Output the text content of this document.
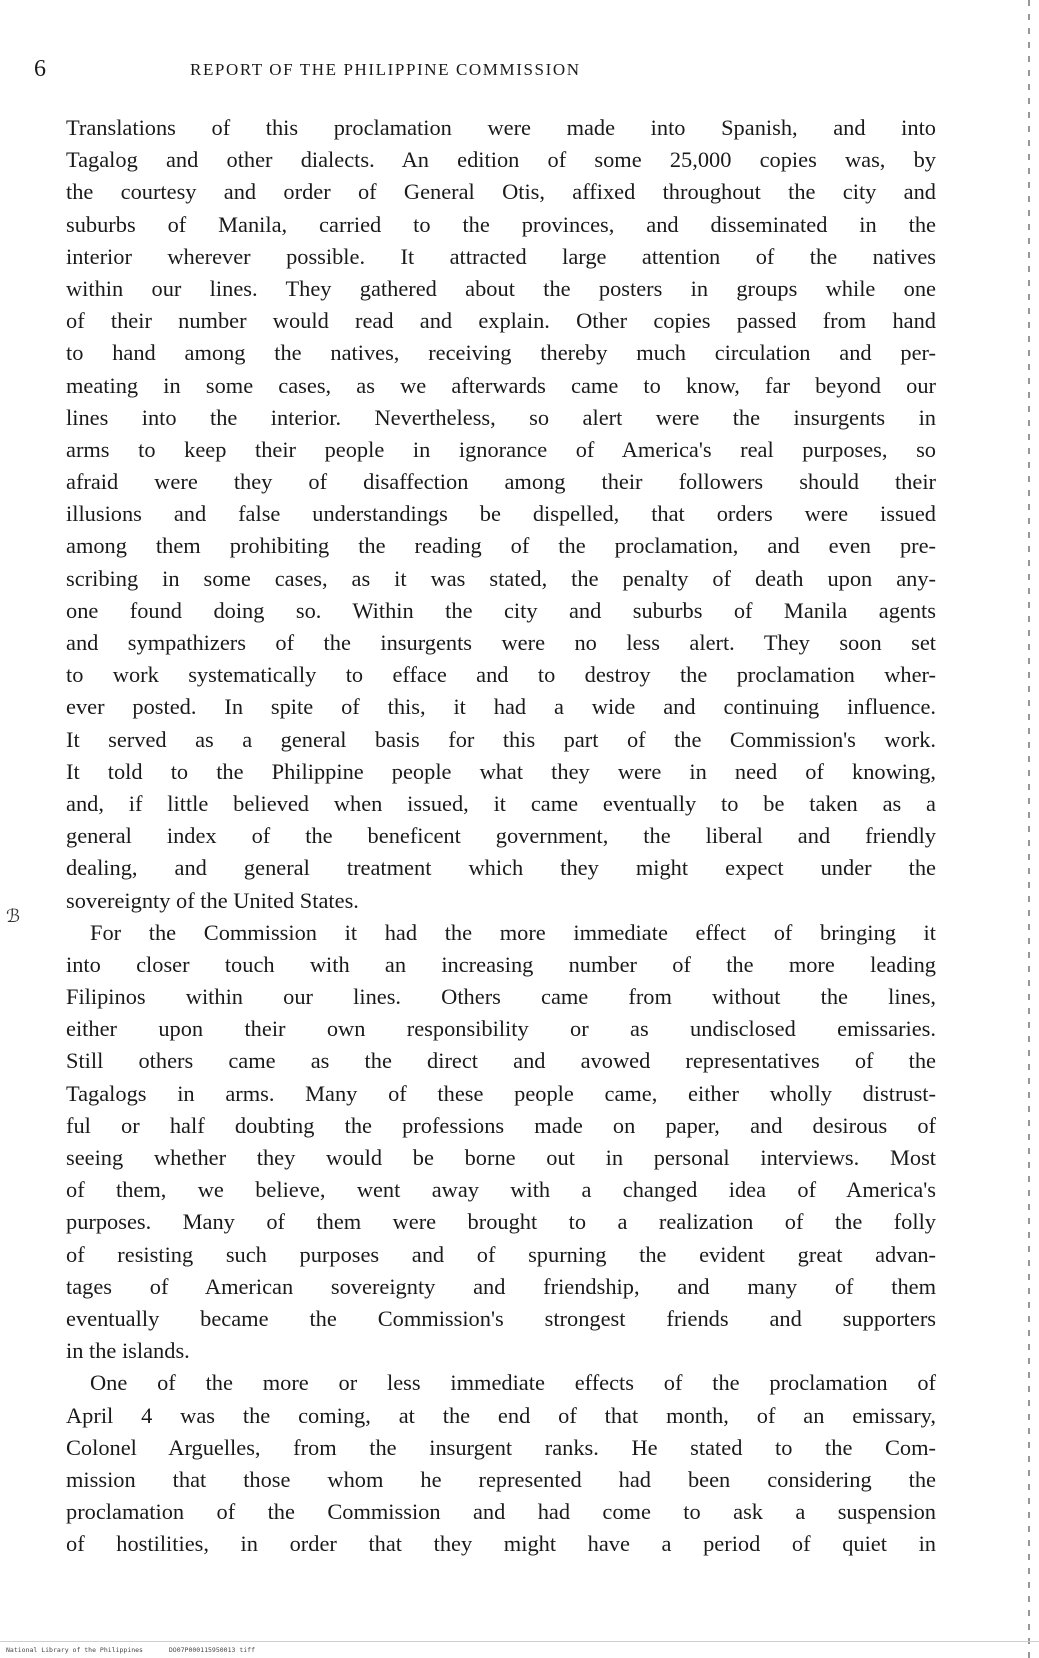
6	REPORT OF THE PHILIPPINE COMMISSION
ℬ
Translations of this proclamation were made into Spanish, and into
Tagalog and other dialects. An edition of some 25,000 copies was, by
the courtesy and order of General Otis, affixed throughout the city and
suburbs of Manila, carried to the provinces, and disseminated in the
interior wherever possible. It attracted large attention of the natives
within our lines. They gathered about the posters in groups while one
of their number would read and explain. Other copies passed from hand
to hand among the natives, receiving thereby much circulation and per-
meating in some cases, as we afterwards came to know, far beyond our
lines into the interior. Nevertheless, so alert were the insurgents in
arms to keep their people in ignorance of America's real purposes, so
afraid were they of disaffection among their followers should their
illusions and false understandings be dispelled, that orders were issued
among them prohibiting the reading of the proclamation, and even pre-
scribing in some cases, as it was stated, the penalty of death upon any-
one found doing so. Within the city and suburbs of Manila agents
and sympathizers of the insurgents were no less alert. They soon set
to work systematically to efface and to destroy the proclamation wher-
ever posted. In spite of this, it had a wide and continuing influence.
It served as a general basis for this part of the Commission's work.
It told to the Philippine people what they were in need of knowing,
and, if little believed when issued, it came eventually to be taken as a
general index of the beneficent government, the liberal and friendly
dealing, and general treatment which they might expect under the
sovereignty of the United States.
For the Commission it had the more immediate effect of bringing it
into closer touch with an increasing number of the more leading
Filipinos within our lines. Others came from without the lines,
either upon their own responsibility or as undisclosed emissaries.
Still others came as the direct and avowed representatives of the
Tagalogs in arms. Many of these people came, either wholly distrust-
ful or half doubting the professions made on paper, and desirous of
seeing whether they would be borne out in personal interviews. Most
of them, we believe, went away with a changed idea of America's
purposes. Many of them were brought to a realization of the folly
of resisting such purposes and of spurning the evident great advan-
tages of American sovereignty and friendship, and many of them
eventually became the Commission's strongest friends and supporters
in the islands.
One of the more or less immediate effects of the proclamation of
April 4 was the coming, at the end of that month, of an emissary,
Colonel Arguelles, from the insurgent ranks. He stated to the Com-
mission that those whom he represented had been considering the
proclamation of the Commission and had come to ask a suspension
of hostilities, in order that they might have a period of quiet in
National Library of the Philippines	DO07P000115950013 tiff
